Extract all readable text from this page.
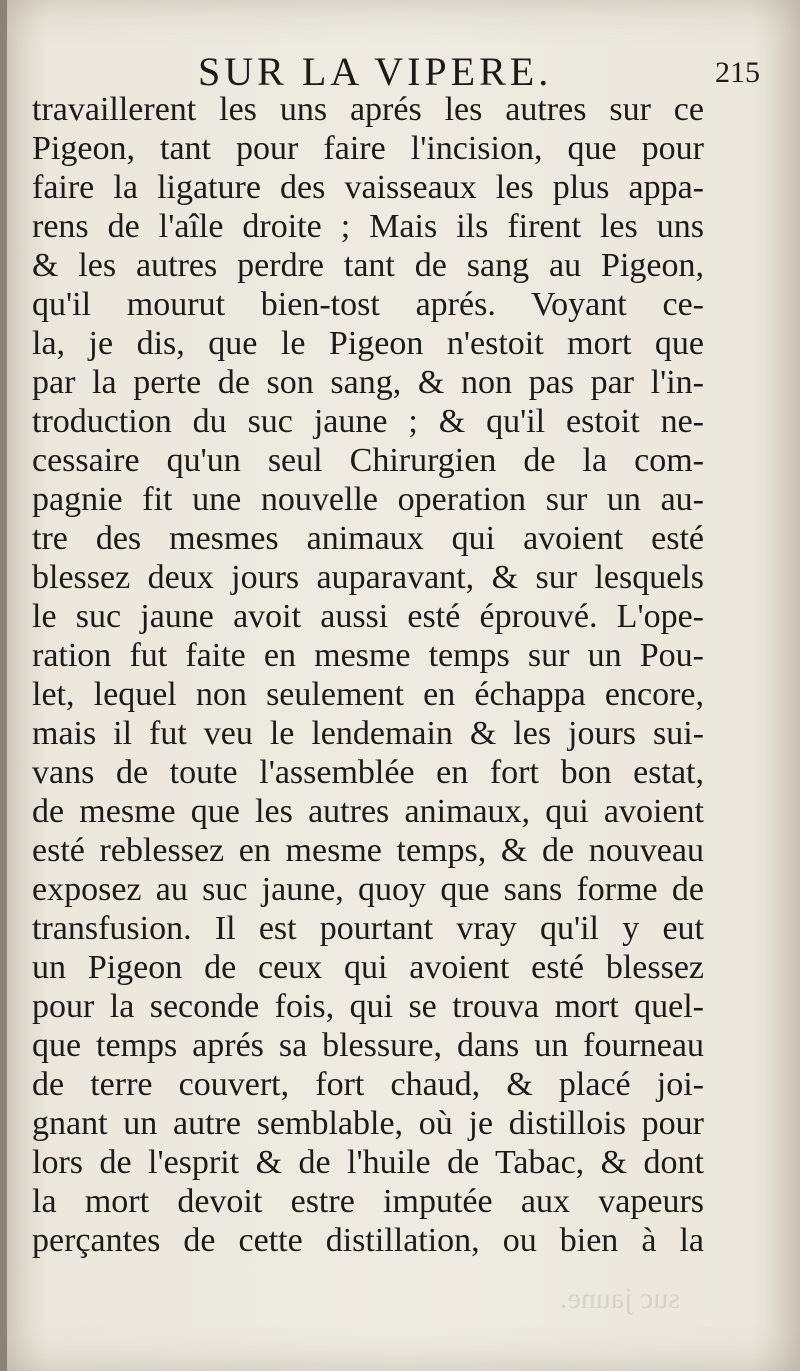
SUR LA VIPERE.	215
travaillerent les uns aprés les autres sur ce
Pigeon, tant pour faire l'incision, que pour
faire la ligature des vaisseaux les plus appa-
rens de l'aîle droite ; Mais ils firent les uns
& les autres perdre tant de sang au Pigeon,
qu'il mourut bien-tost aprés. Voyant ce-
la, je dis, que le Pigeon n'estoit mort que
par la perte de son sang, & non pas par l'in-
troduction du suc jaune ; & qu'il estoit ne-
cessaire qu'un seul Chirurgien de la com-
pagnie fit une nouvelle operation sur un au-
tre des mesmes animaux qui avoient esté
blessez deux jours auparavant, & sur lesquels
le suc jaune avoit aussi esté éprouvé. L'ope-
ration fut faite en mesme temps sur un Pou-
let, lequel non seulement en échappa encore,
mais il fut veu le lendemain & les jours sui-
vans de toute l'assemblée en fort bon estat,
de mesme que les autres animaux, qui avoient
esté reblessez en mesme temps, & de nouveau
exposez au suc jaune, quoy que sans forme de
transfusion. Il est pourtant vray qu'il y eut
un Pigeon de ceux qui avoient esté blessez
pour la seconde fois, qui se trouva mort quel-
que temps aprés sa blessure, dans un fourneau
de terre couvert, fort chaud, & placé joi-
gnant un autre semblable, où je distillois pour
lors de l'esprit & de l'huile de Tabac, & dont
la mort devoit estre imputée aux vapeurs
perçantes de cette distillation, ou bien à la
suc jaune.
